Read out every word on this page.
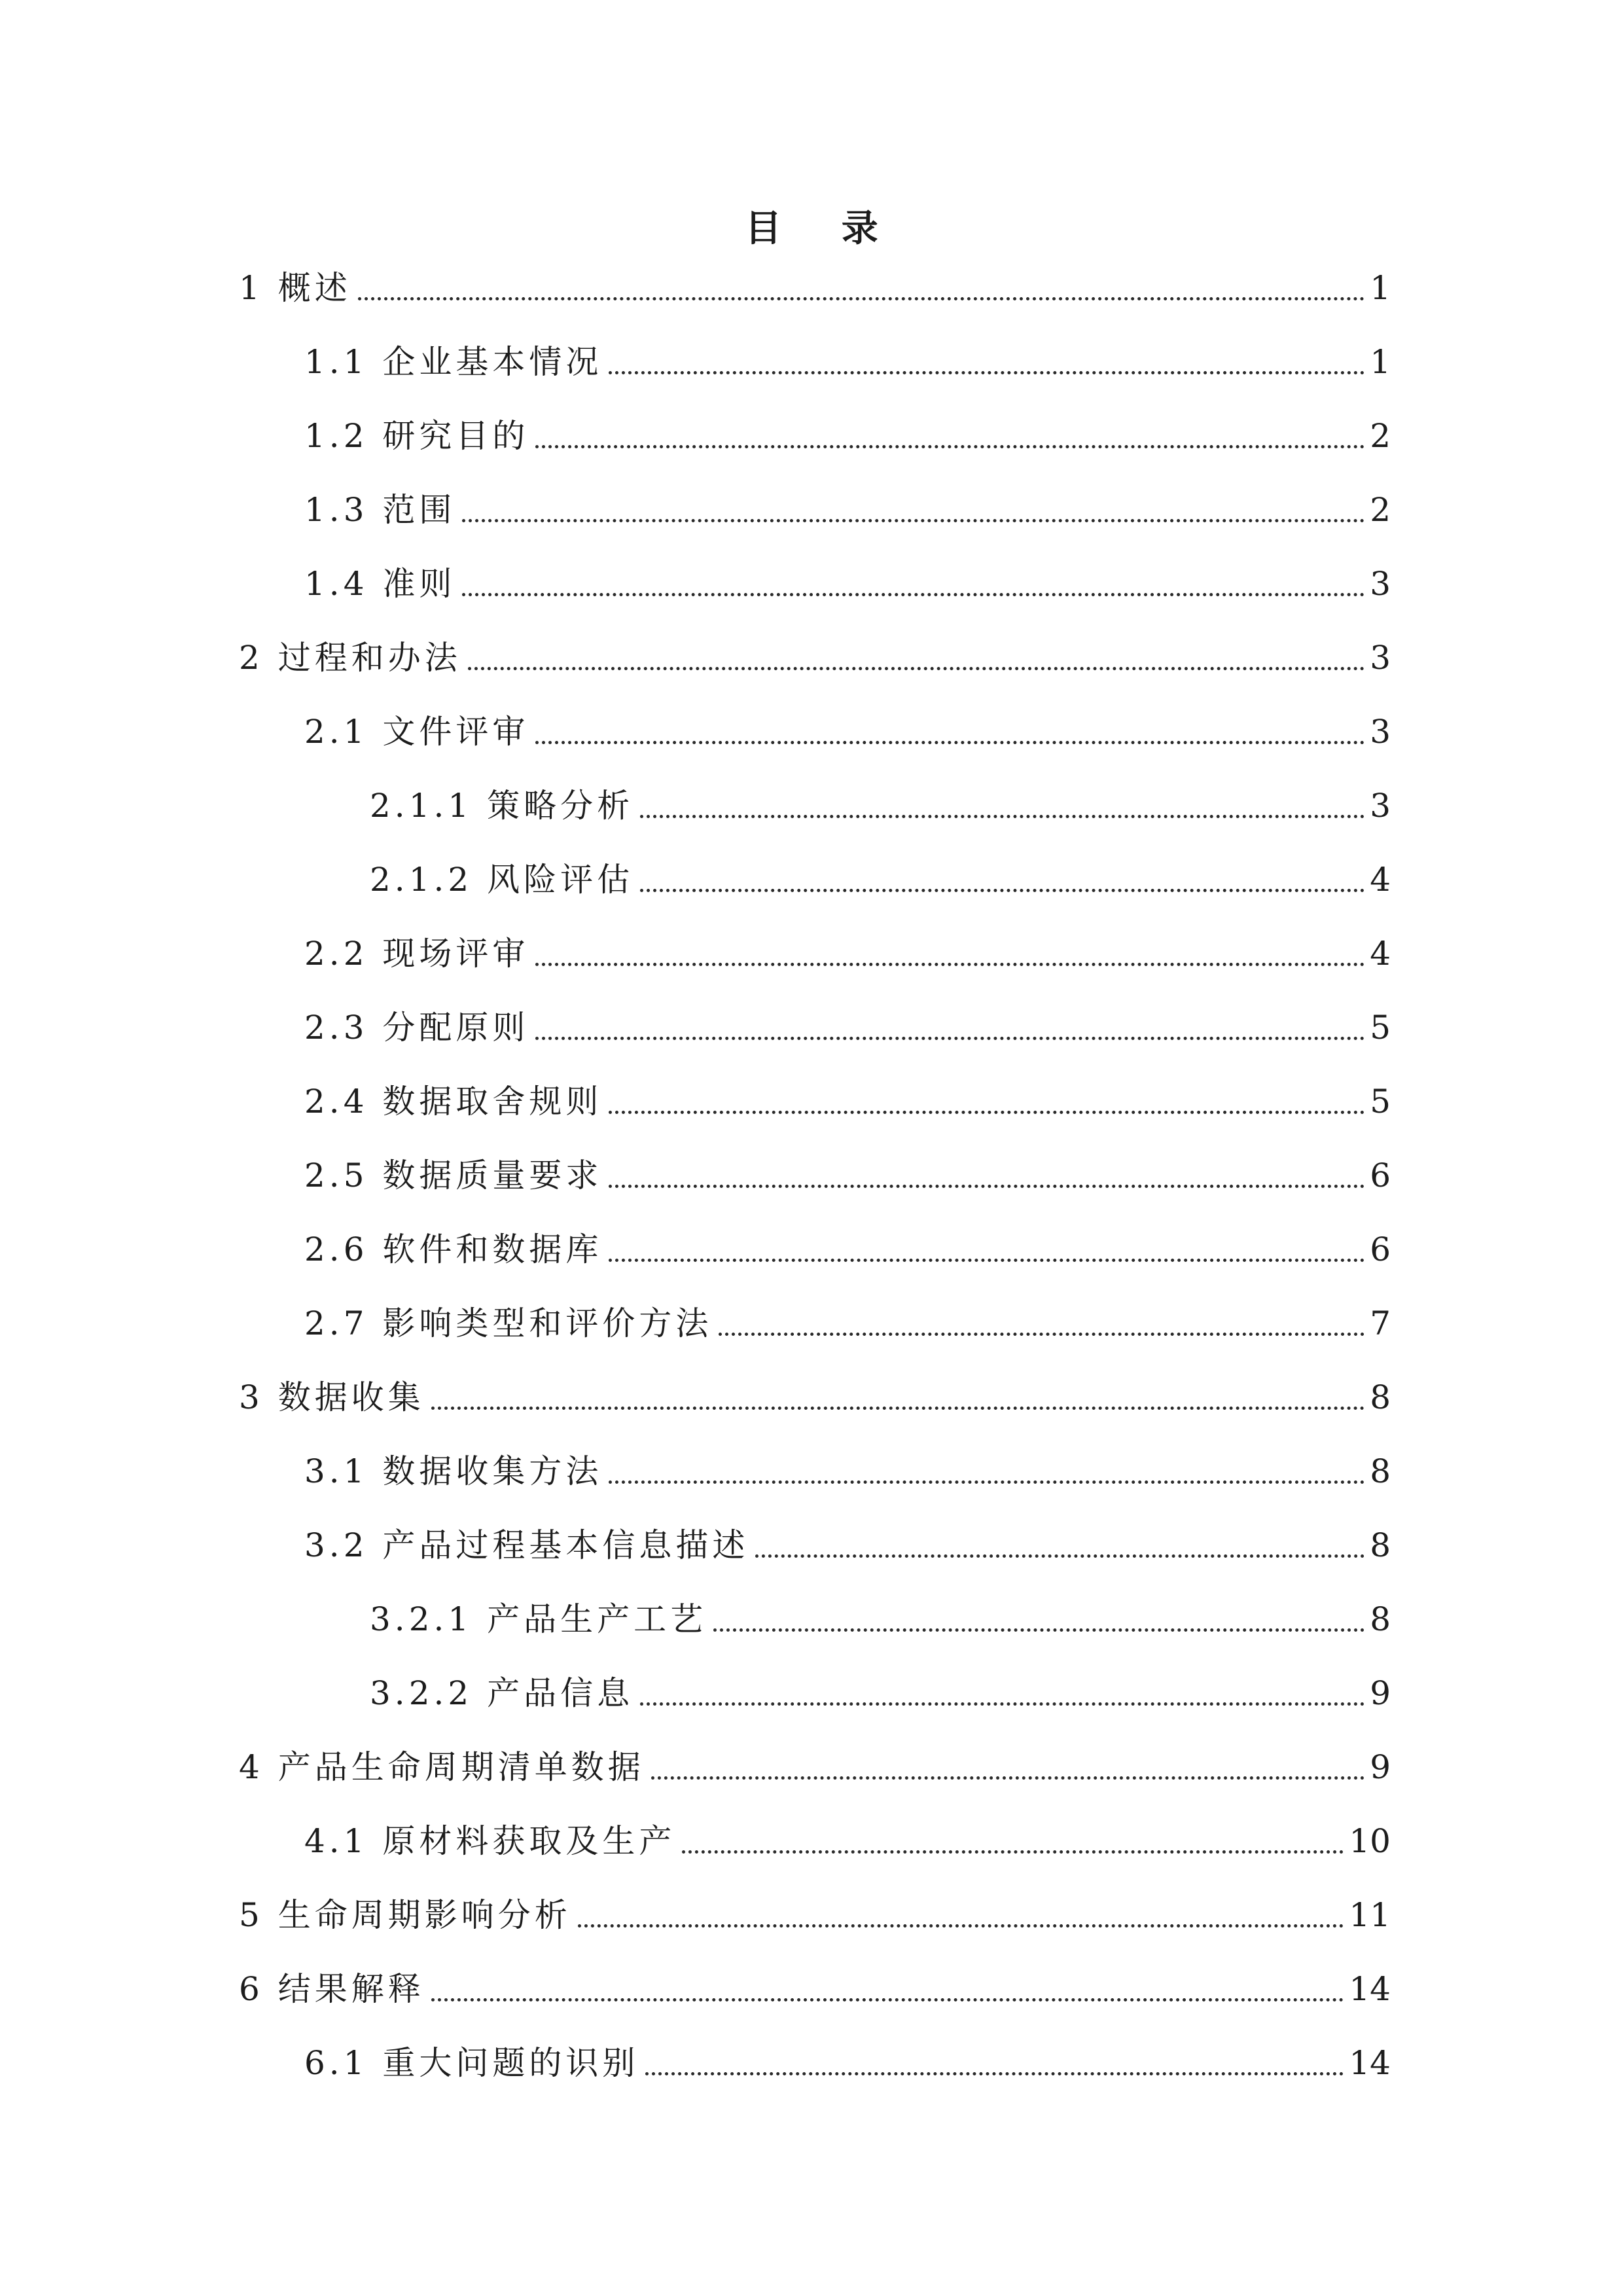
目 录
1 概述	1
1.1 企业基本情况	1
1.2 研究目的	2
1.3 范围	2
1.4 准则	3
2 过程和办法	3
2.1 文件评审	3
2.1.1 策略分析	3
2.1.2 风险评估	4
2.2 现场评审	4
2.3 分配原则	5
2.4 数据取舍规则	5
2.5 数据质量要求	6
2.6 软件和数据库	6
2.7 影响类型和评价方法	7
3 数据收集	8
3.1 数据收集方法	8
3.2 产品过程基本信息描述	8
3.2.1 产品生产工艺	8
3.2.2 产品信息	9
4 产品生命周期清单数据	9
4.1 原材料获取及生产	10
5 生命周期影响分析	11
6 结果解释	14
6.1 重大问题的识别	14
